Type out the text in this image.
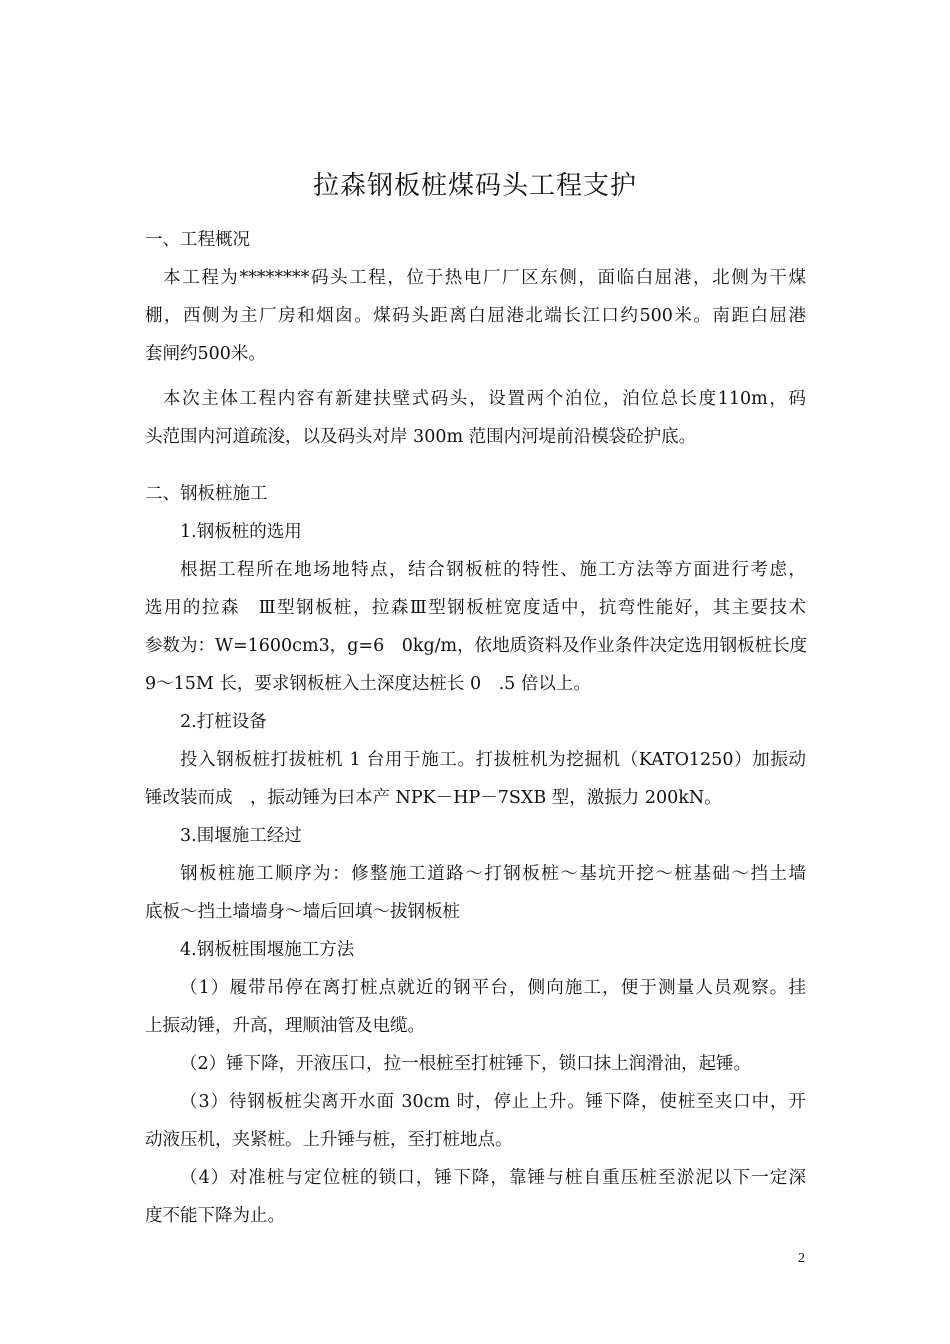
拉森钢板桩煤码头工程支护
一、工程概况
本工程为********码头工程，位于热电厂厂区东侧，面临白屈港，北侧为干煤
棚，西侧为主厂房和烟囱。煤码头距离白屈港北端长江口约500米。南距白屈港
套闸约500米。
本次主体工程内容有新建扶壁式码头，设置两个泊位，泊位总长度110m，码
头范围内河道疏浚，以及码头对岸 300m 范围内河堤前沿模袋砼护底。
二、钢板桩施工
1.钢板桩的选用
根据工程所在地场地特点，结合钢板桩的特性、施工方法等方面进行考虑，
选用的拉森　Ⅲ型钢板桩，拉森Ⅲ型钢板桩宽度适中，抗弯性能好，其主要技术
参数为：W=1600cm3，g=6　0kg/m，依地质资料及作业条件决定选用钢板桩长度
9～15M 长，要求钢板桩入土深度达桩长 0　.5 倍以上。
2.打桩设备
投入钢板桩打拔桩机 1 台用于施工。打拔桩机为挖掘机（KATO1250）加振动
锤改装而成　，振动锤为曰本产 NPK－HP－7SXB 型，激振力 200kN。
3.围堰施工经过
钢板桩施工顺序为：修整施工道路～打钢板桩～基坑开挖～桩基础～挡土墙
底板～挡土墙墙身～墙后回填～拔钢板桩
4.钢板桩围堰施工方法
（1）履带吊停在离打桩点就近的钢平台，侧向施工，便于测量人员观察。挂
上振动锤，升高，理顺油管及电缆。
（2）锤下降，开液压口，拉一根桩至打桩锤下，锁口抹上润滑油，起锤。
（3）待钢板桩尖离开水面 30cm 时，停止上升。锤下降，使桩至夹口中，开
动液压机，夹紧桩。上升锤与桩，至打桩地点。
（4）对准桩与定位桩的锁口，锤下降，靠锤与桩自重压桩至淤泥以下一定深
度不能下降为止。
2
